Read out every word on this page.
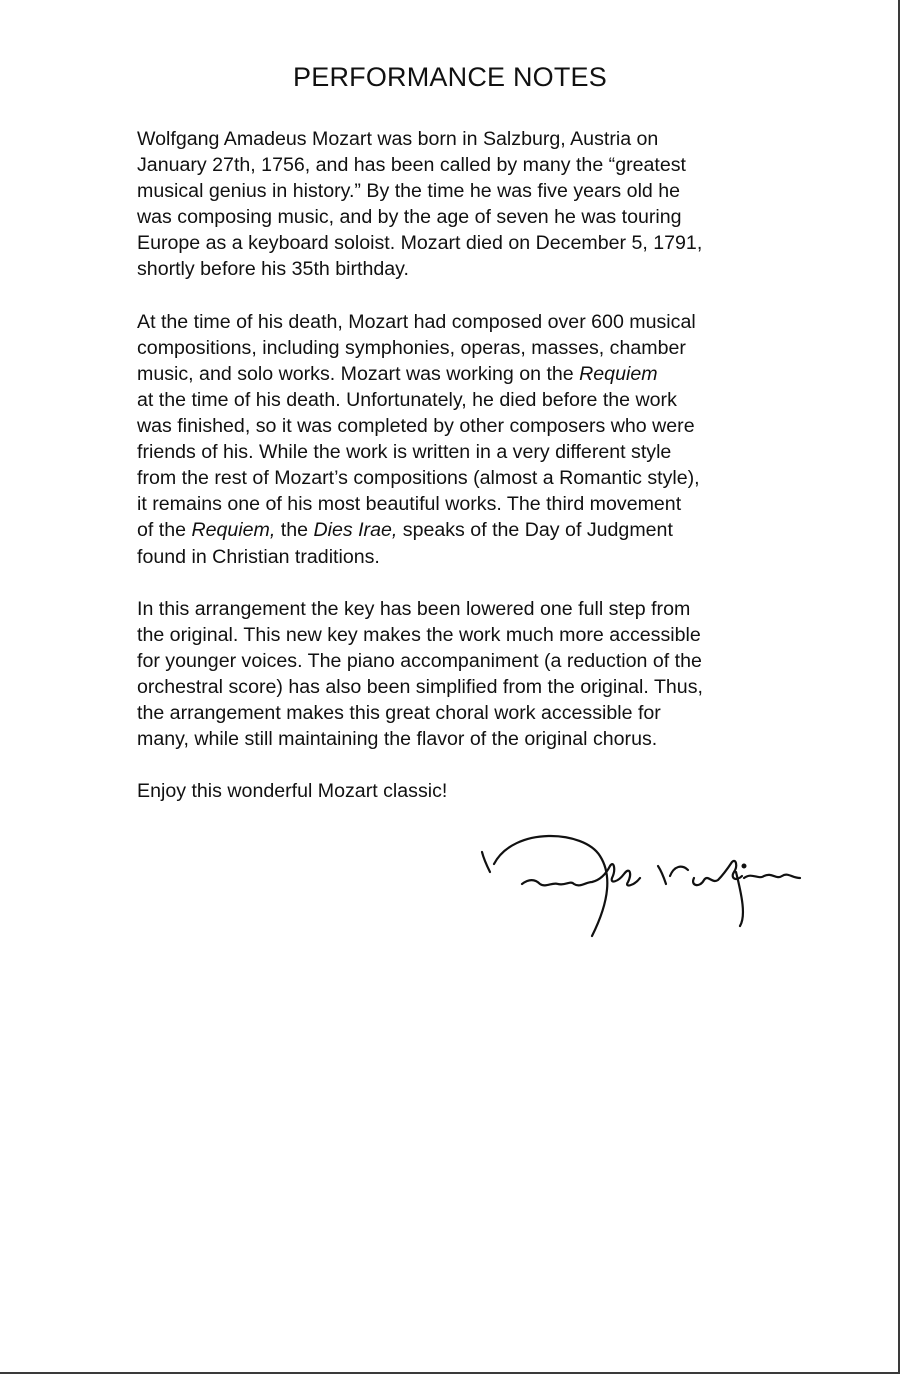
PERFORMANCE NOTES

Wolfgang Amadeus Mozart was born in Salzburg, Austria on
January 27th, 1756, and has been called by many the “greatest
musical genius in history.” By the time he was five years old he
was composing music, and by the age of seven he was touring
Europe as a keyboard soloist. Mozart died on December 5, 1791,
shortly before his 35th birthday.

At the time of his death, Mozart had composed over 600 musical
compositions, including symphonies, operas, masses, chamber
music, and solo works. Mozart was working on the Requiem
at the time of his death. Unfortunately, he died before the work
was finished, so it was completed by other composers who were
friends of his. While the work is written in a very different style
from the rest of Mozart’s compositions (almost a Romantic style),
it remains one of his most beautiful works. The third movement
of the Requiem, the Dies Irae, speaks of the Day of Judgment
found in Christian traditions.

In this arrangement the key has been lowered one full step from
the original. This new key makes the work much more accessible
for younger voices. The piano accompaniment (a reduction of the
orchestral score) has also been simplified from the original. Thus,
the arrangement makes this great choral work accessible for
many, while still maintaining the flavor of the original chorus.

Enjoy this wonderful Mozart classic!
